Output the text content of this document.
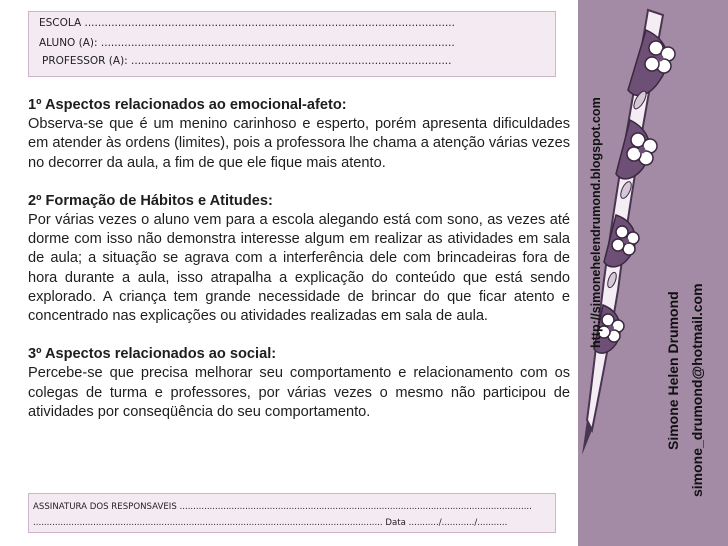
ESCOLA ...............................................................................................................
ALUNO (A): ..........................................................................................................
PROFESSOR (A): ................................................................................................
1º Aspectos relacionados ao emocional-afeto:

Observa-se que é um menino carinhoso e esperto, porém apresenta dificuldades em atender às ordens (limites), pois a professora lhe chama a atenção várias vezes no decorrer da aula, a fim de que ele fique mais atento.

2º Formação de Hábitos e Atitudes:

Por várias vezes o aluno vem para a escola alegando está com sono, as vezes até dorme com isso não demonstra interesse algum em realizar as atividades em sala de aula; a situação se agrava com a interferência dele com brincadeiras fora de hora durante a aula, isso atrapalha a explicação do conteúdo que está sendo explorado. A criança tem grande necessidade de brincar do que ficar atento e concentrado nas explicações ou atividades realizadas em sala de aula.

3º Aspectos relacionados ao social:

Percebe-se que precisa melhorar seu comportamento e relacionamento com os colegas de turma e professores, por várias vezes o mesmo não participou de atividades por conseqüência do seu comportamento.

ASSINATURA DOS RESPONSAVEIS .................................................................................................................................
................................................................................................................................ Data .........../............/...........
http://simonehelendrumond.blogspot.com
Simone Helen Drumond simone_drumond@hotmail.com
